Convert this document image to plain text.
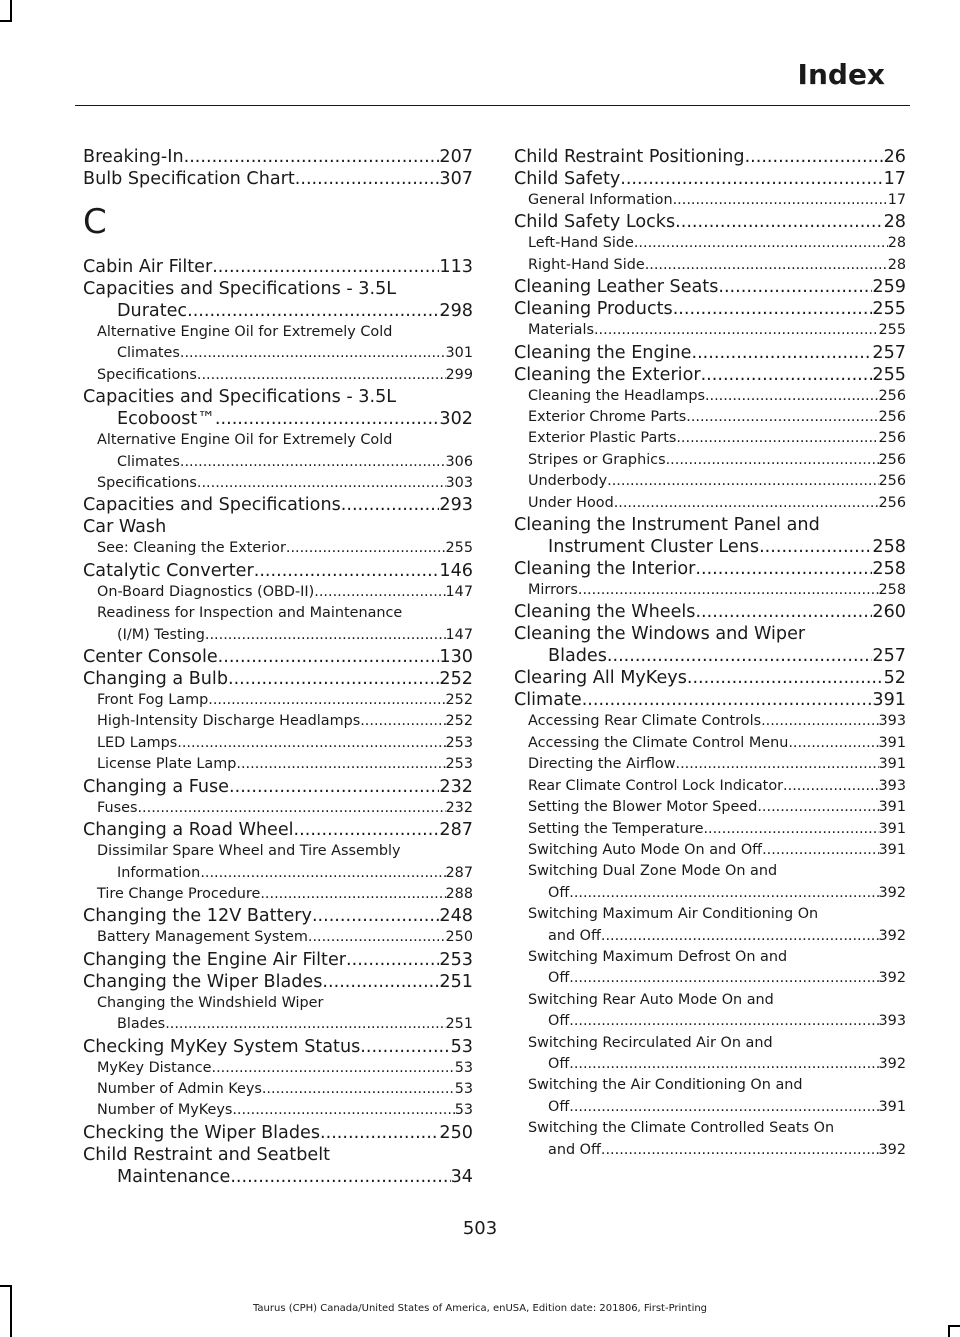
Index
Breaking-In .....	207
Bulb Specification Chart .....	307
C
Cabin Air Filter .....	113
Capacities and Specifications - 3.5L
Duratec .....	298
Alternative Engine Oil for Extremely Cold
Climates .....	301
Specifications .....	299
Capacities and Specifications - 3.5L
Ecoboost™ .....	302
Alternative Engine Oil for Extremely Cold
Climates .....	306
Specifications .....	303
Capacities and Specifications .....	293
Car Wash
See: Cleaning the Exterior .....	255
Catalytic Converter .....	146
On-Board Diagnostics (OBD-II) .....	147
Readiness for Inspection and Maintenance
(I/M) Testing .....	147
Center Console .....	130
Changing a Bulb .....	252
Front Fog Lamp .....	252
High-Intensity Discharge Headlamps .....	252
LED Lamps .....	253
License Plate Lamp .....	253
Changing a Fuse .....	232
Fuses .....	232
Changing a Road Wheel .....	287
Dissimilar Spare Wheel and Tire Assembly
Information .....	287
Tire Change Procedure .....	288
Changing the 12V Battery .....	248
Battery Management System .....	250
Changing the Engine Air Filter .....	253
Changing the Wiper Blades .....	251
Changing the Windshield Wiper
Blades .....	251
Checking MyKey System Status .....	53
MyKey Distance .....	53
Number of Admin Keys .....	53
Number of MyKeys .....	53
Checking the Wiper Blades .....	250
Child Restraint and Seatbelt
Maintenance .....	34
Child Restraint Positioning .....	26
Child Safety .....	17
General Information .....	17
Child Safety Locks .....	28
Left-Hand Side .....	28
Right-Hand Side .....	28
Cleaning Leather Seats .....	259
Cleaning Products .....	255
Materials .....	255
Cleaning the Engine .....	257
Cleaning the Exterior .....	255
Cleaning the Headlamps .....	256
Exterior Chrome Parts .....	256
Exterior Plastic Parts .....	256
Stripes or Graphics .....	256
Underbody .....	256
Under Hood .....	256
Cleaning the Instrument Panel and
Instrument Cluster Lens .....	258
Cleaning the Interior .....	258
Mirrors .....	258
Cleaning the Wheels .....	260
Cleaning the Windows and Wiper
Blades .....	257
Clearing All MyKeys .....	52
Climate .....	391
Accessing Rear Climate Controls .....	393
Accessing the Climate Control Menu .....	391
Directing the Airflow .....	391
Rear Climate Control Lock Indicator .....	393
Setting the Blower Motor Speed .....	391
Setting the Temperature .....	391
Switching Auto Mode On and Off .....	391
Switching Dual Zone Mode On and
Off .....	392
Switching Maximum Air Conditioning On
and Off .....	392
Switching Maximum Defrost On and
Off .....	392
Switching Rear Auto Mode On and
Off .....	393
Switching Recirculated Air On and
Off .....	392
Switching the Air Conditioning On and
Off .....	391
Switching the Climate Controlled Seats On
and Off .....	392
503
Taurus (CPH) Canada/United States of America, enUSA, Edition date: 201806, First-Printing
